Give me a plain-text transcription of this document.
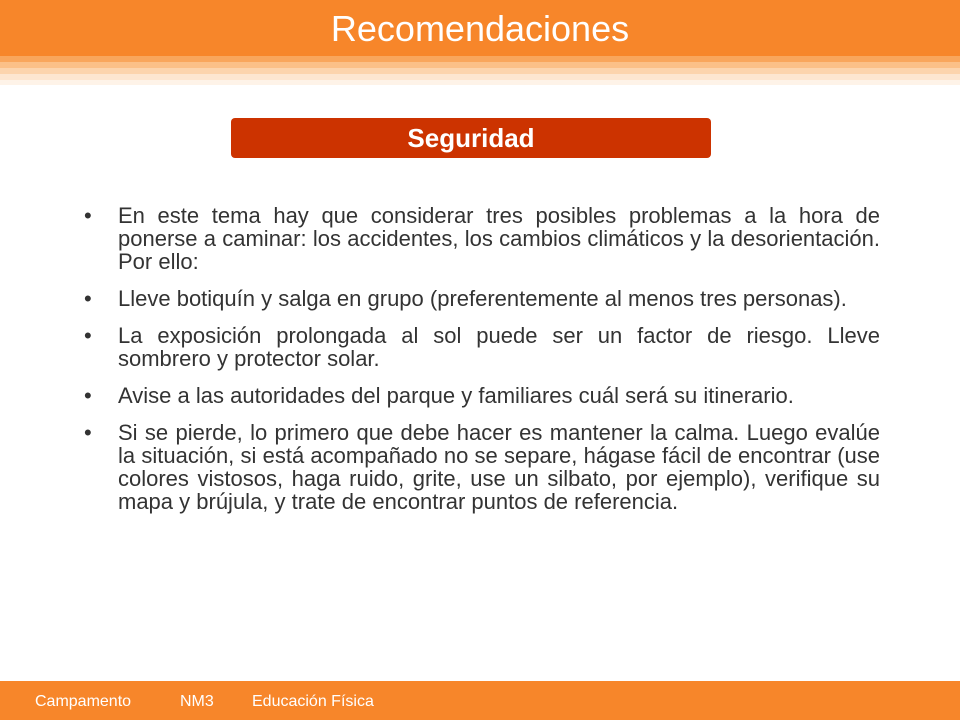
Recomendaciones
Seguridad
• En este tema hay que considerar tres posibles problemas a la hora de ponerse a caminar: los accidentes, los cambios climáticos y la desorientación. Por ello:
• Lleve botiquín y salga en grupo (preferentemente al menos tres personas).
• La exposición prolongada al sol puede ser un factor de riesgo. Lleve sombrero y protector solar.
• Avise a las autoridades del parque y familiares cuál será su itinerario.
• Si se pierde, lo primero que debe hacer es mantener la calma. Luego evalúe la situación, si está acompañado no se separe, hágase fácil de encontrar (use colores vistosos, haga ruido, grite, use un silbato, por ejemplo), verifique su mapa y brújula, y trate de encontrar puntos de referencia.
Campamento	NM3 Educación Física
